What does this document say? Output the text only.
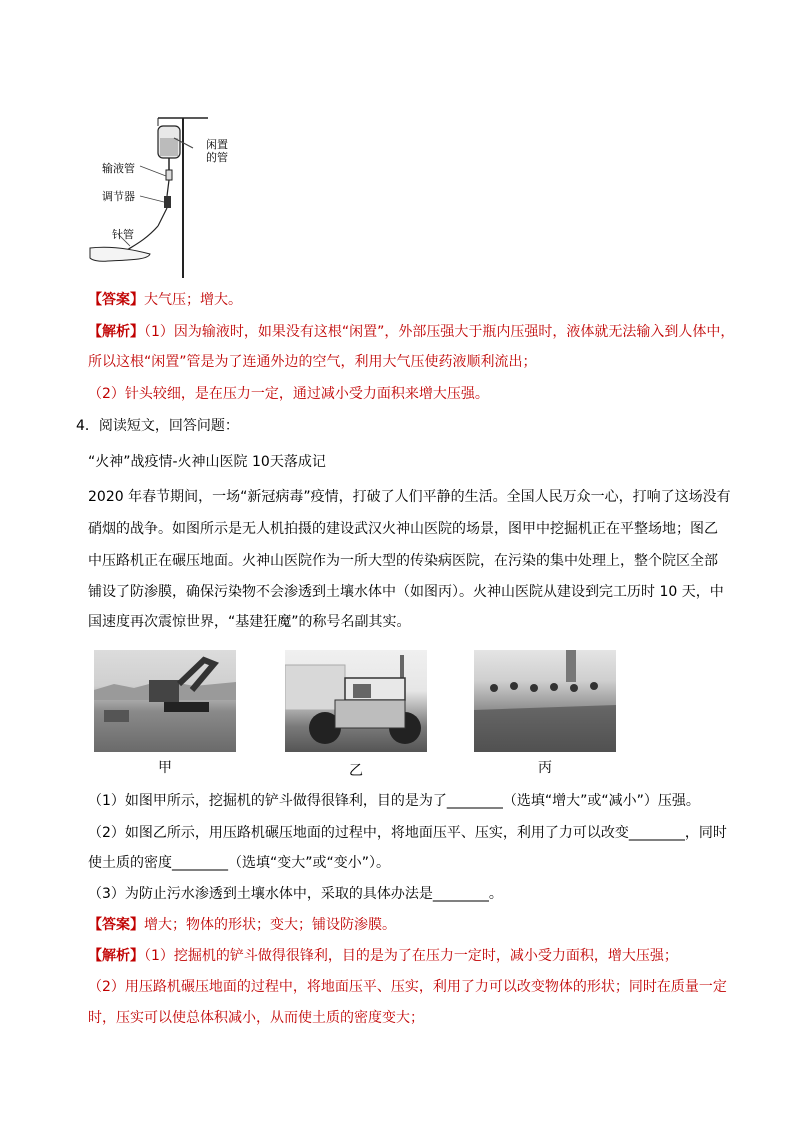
闲置的管
输液管
调节器
针管
【答案】大气压；增大。
【解析】（1）因为输液时，如果没有这根“闲置”，外部压强大于瓶内压强时，液体就无法输入到人体中，
所以这根“闲置”管是为了连通外边的空气，利用大气压使药液顺利流出；
（2）针头较细，是在压力一定，通过减小受力面积来增大压强。
4．阅读短文，回答问题：
“火神”战疫情-火神山医院 10天落成记
2020 年春节期间，一场“新冠病毒”疫情，打破了人们平静的生活。全国人民万众一心，打响了这场没有
硝烟的战争。如图所示是无人机拍摄的建设武汉火神山医院的场景，图甲中挖掘机正在平整场地；图乙
中压路机正在碾压地面。火神山医院作为一所大型的传染病医院，在污染的集中处理上，整个院区全部
铺设了防渗膜，确保污染物不会渗透到土壤水体中（如图丙）。火神山医院从建设到完工历时 10 天，中
国速度再次震惊世界，“基建狂魔”的称号名副其实。
甲	乙	丙
（1）如图甲所示，挖掘机的铲斗做得很锋利，目的是为了________（选填“增大”或“减小”）压强。
（2）如图乙所示，用压路机碾压地面的过程中，将地面压平、压实，利用了力可以改变________，同时
使土质的密度________（选填“变大”或“变小”）。
（3）为防止污水渗透到土壤水体中，采取的具体办法是________。
【答案】增大；物体的形状；变大；铺设防渗膜。
【解析】（1）挖掘机的铲斗做得很锋利，目的是为了在压力一定时，减小受力面积，增大压强；
（2）用压路机碾压地面的过程中，将地面压平、压实，利用了力可以改变物体的形状；同时在质量一定
时，压实可以使总体积减小，从而使土质的密度变大；
